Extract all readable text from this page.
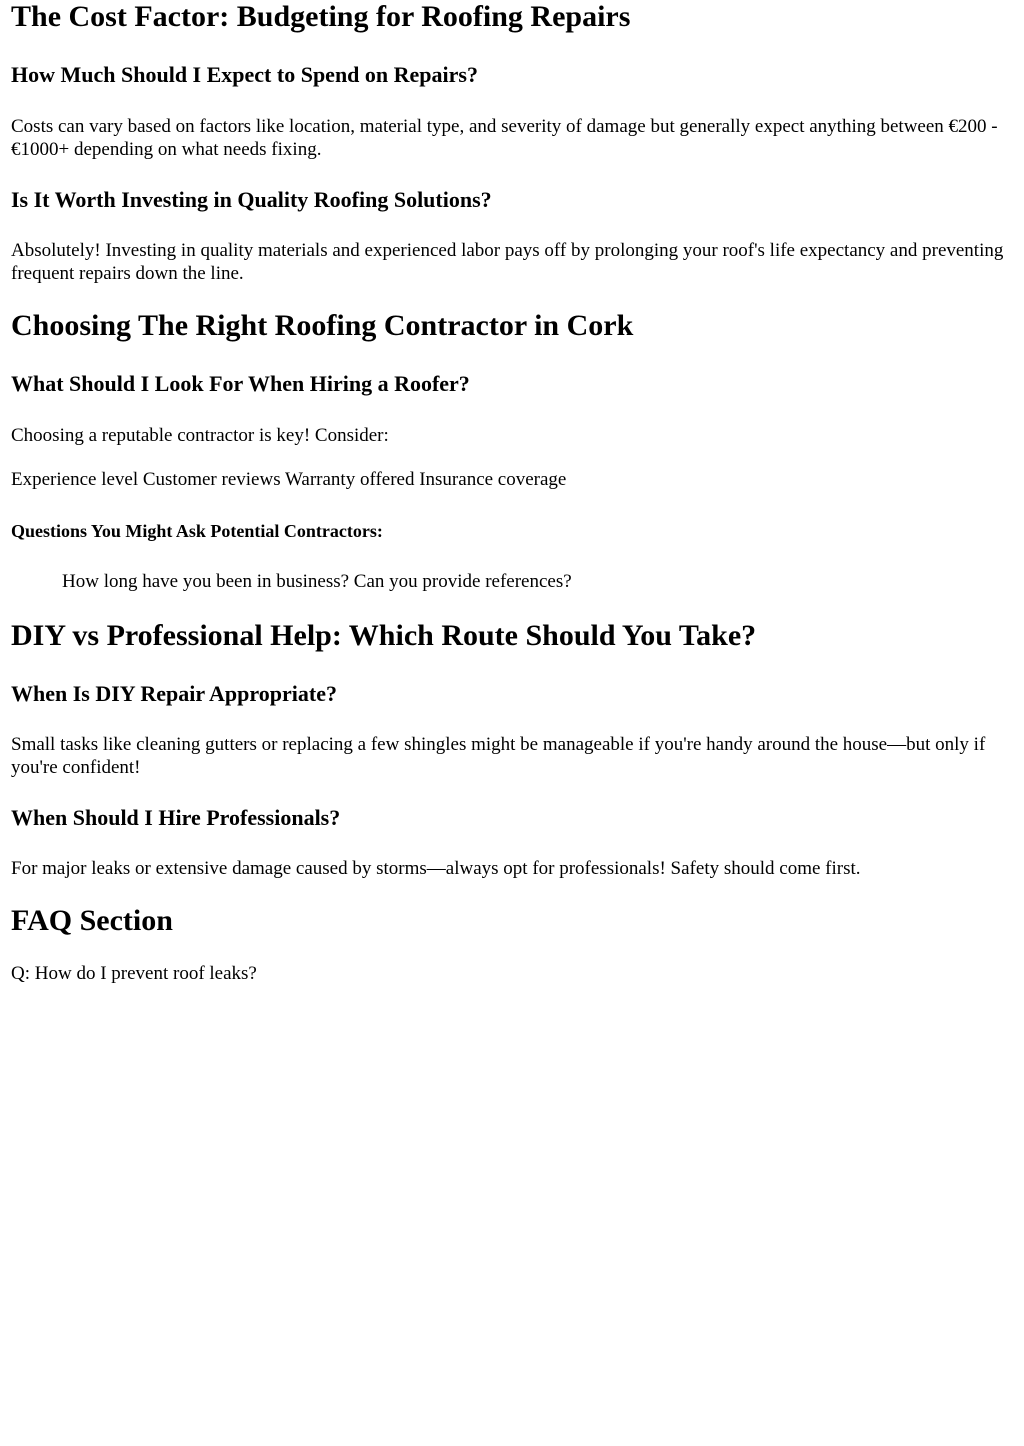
The Cost Factor: Budgeting for Roofing Repairs
How Much Should I Expect to Spend on Repairs?

Costs can vary based on factors like location, material type, and severity of damage but generally expect anything between €200 - €1000+ depending on what needs fixing.

Is It Worth Investing in Quality Roofing Solutions?

Absolutely! Investing in quality materials and experienced labor pays off by prolonging your roof's life expectancy and preventing frequent repairs down the line.

Choosing The Right Roofing Contractor in Cork
What Should I Look For When Hiring a Roofer?

Choosing a reputable contractor is key! Consider:

Experience level Customer reviews Warranty offered Insurance coverage

Questions You Might Ask Potential Contractors:
How long have you been in business? Can you provide references?
DIY vs Professional Help: Which Route Should You Take?
When Is DIY Repair Appropriate?

Small tasks like cleaning gutters or replacing a few shingles might be manageable if you're handy around the house—but only if you're confident!

When Should I Hire Professionals?

For major leaks or extensive damage caused by storms—always opt for professionals! Safety should come first.

FAQ Section

Q: How do I prevent roof leaks?
